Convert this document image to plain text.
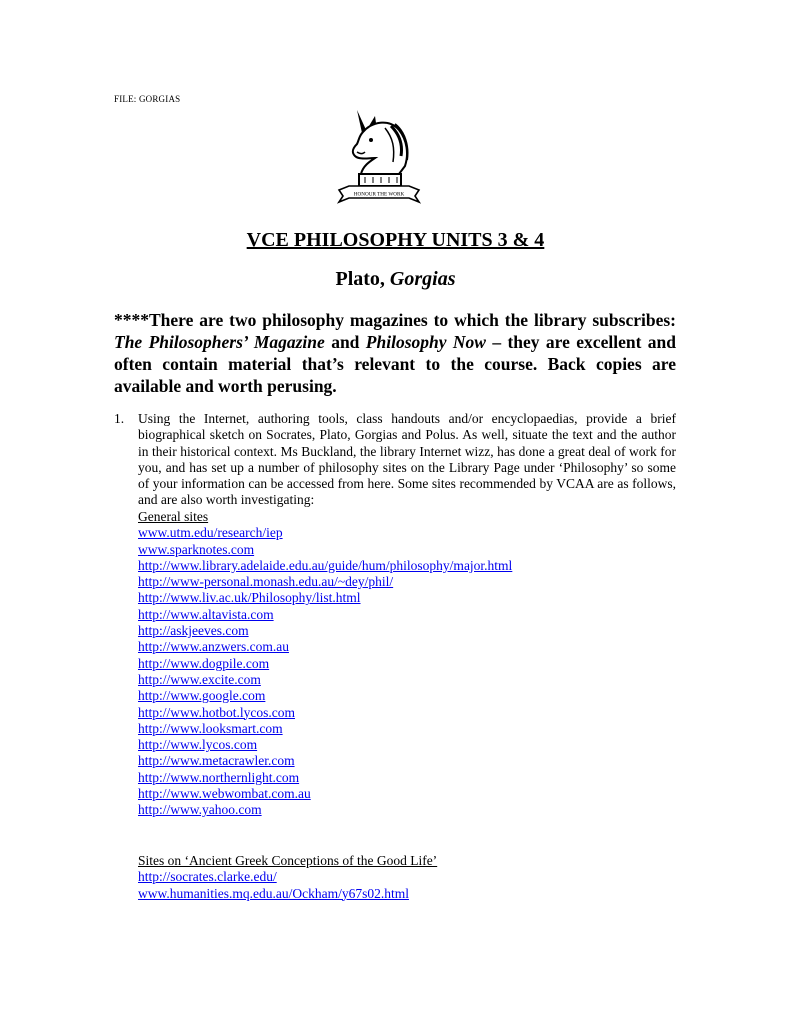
FILE: GORGIAS
HONOUR THE WORK
VCE PHILOSOPHY UNITS 3 & 4
Plato, Gorgias
****There are two philosophy magazines to which the library subscribes: The Philosophers’ Magazine and Philosophy Now – they are excellent and often contain material that’s relevant to the course. Back copies are available and worth perusing.
1. Using the Internet, authoring tools, class handouts and/or encyclopaedias, provide a brief biographical sketch on Socrates, Plato, Gorgias and Polus. As well, situate the text and the author in their historical context. Ms Buckland, the library Internet wizz, has done a great deal of work for you, and has set up a number of philosophy sites on the Library Page under ‘Philosophy’ so some of your information can be accessed from here. Some sites recommended by VCAA are as follows, and are also worth investigating:
General sites
www.utm.edu/research/iep
www.sparknotes.com
http://www.library.adelaide.edu.au/guide/hum/philosophy/major.html
http://www-personal.monash.edu.au/~dey/phil/
http://www.liv.ac.uk/Philosophy/list.html
http://www.altavista.com
http://askjeeves.com
http://www.anzwers.com.au
http://www.dogpile.com
http://www.excite.com
http://www.google.com
http://www.hotbot.lycos.com
http://www.looksmart.com
http://www.lycos.com
http://www.metacrawler.com
http://www.northernlight.com
http://www.webwombat.com.au
http://www.yahoo.com
Sites on ‘Ancient Greek Conceptions of the Good Life’
http://socrates.clarke.edu/
www.humanities.mq.edu.au/Ockham/y67s02.html
